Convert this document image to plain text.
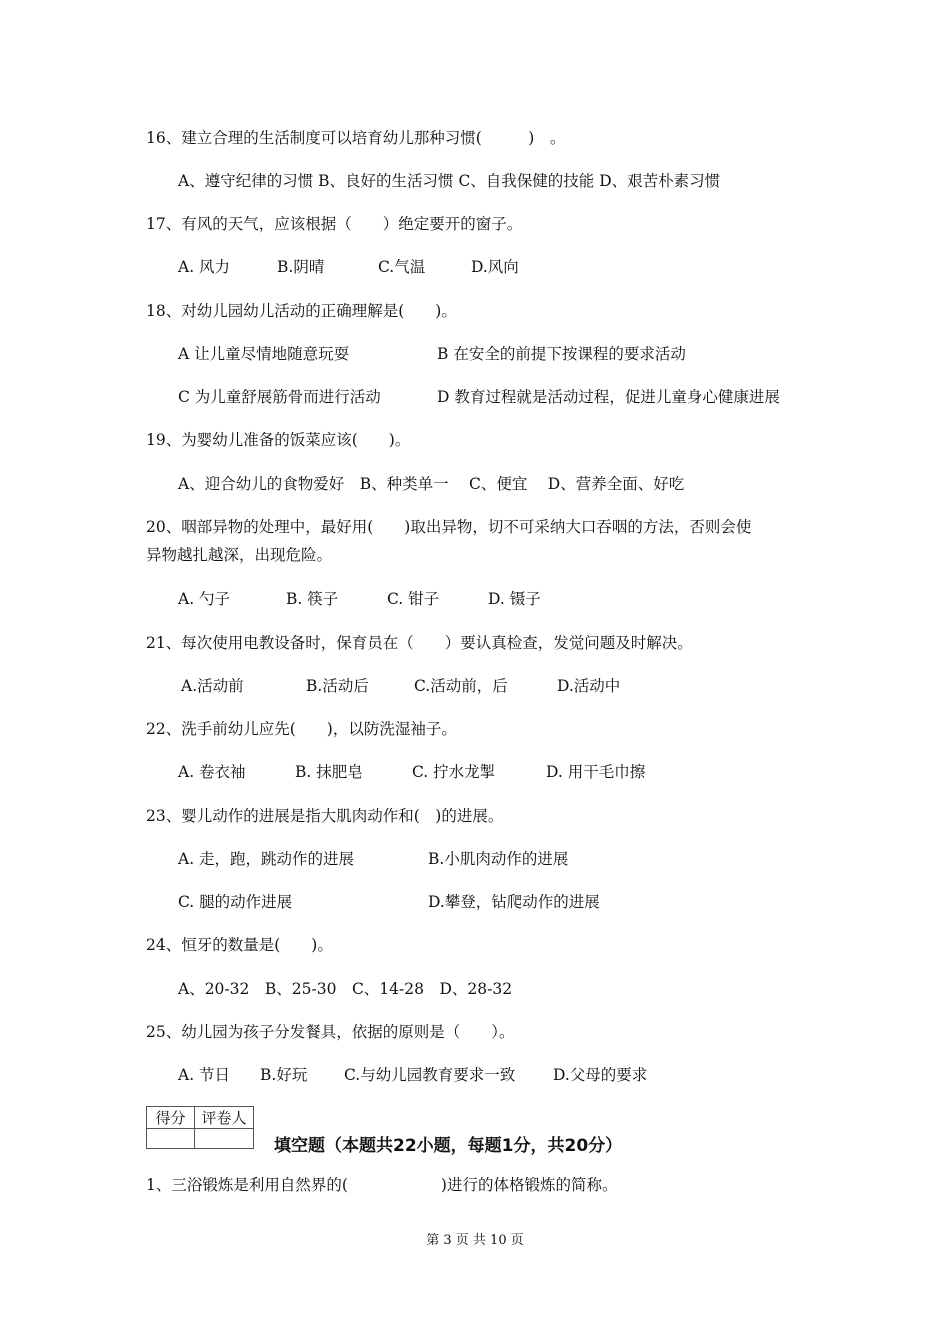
16、建立合理的生活制度可以培育幼儿那种习惯(　　　)　。
A、遵守纪律的习惯 B、良好的生活习惯 C、自我保健的技能 D、艰苦朴素习惯
17、有风的天气，应该根据（　　）绝定要开的窗子。
A. 风力	B.阴晴	C.气温	D.风向
18、对幼儿园幼儿活动的正确理解是(　　)。
A 让儿童尽情地随意玩耍	B 在安全的前提下按课程的要求活动
C 为儿童舒展筋骨而进行活动	D 教育过程就是活动过程，促进儿童身心健康进展
19、为婴幼儿准备的饭菜应该(　　)。
A、迎合幼儿的食物爱好　B、种类单一　 C、便宜　 D、营养全面、好吃
20、咽部异物的处理中，最好用(　　)取出异物，切不可采纳大口吞咽的方法，否则会使
异物越扎越深，出现危险。
A. 勺子	B. 筷子	C. 钳子	D. 镊子
21、每次使用电教设备时，保育员在（　　）要认真检查，发觉问题及时解决。
A.活动前	B.活动后	C.活动前，后	D.活动中
22、洗手前幼儿应先(　　)，以防洗湿袖子。
A. 卷衣袖	B. 抹肥皂	C. 拧水龙掣	D. 用干毛巾擦
23、婴儿动作的进展是指大肌肉动作和(　)的进展。
A. 走，跑，跳动作的进展	B.小肌肉动作的进展
C. 腿的动作进展	D.攀登，钻爬动作的进展
24、恒牙的数量是(　　)。
A、20-32　B、25-30　C、14-28　D、28-32
25、幼儿园为孩子分发餐具，依据的原则是（　　）。
A. 节日 B.好玩 C.与幼儿园教育要求一致 D.父母的要求
得分	评卷人

填空题（本题共22小题，每题1分，共20分）
1、三浴锻炼是利用自然界的(　　　　　　)进行的体格锻炼的简称。
第 3 页 共 10 页
